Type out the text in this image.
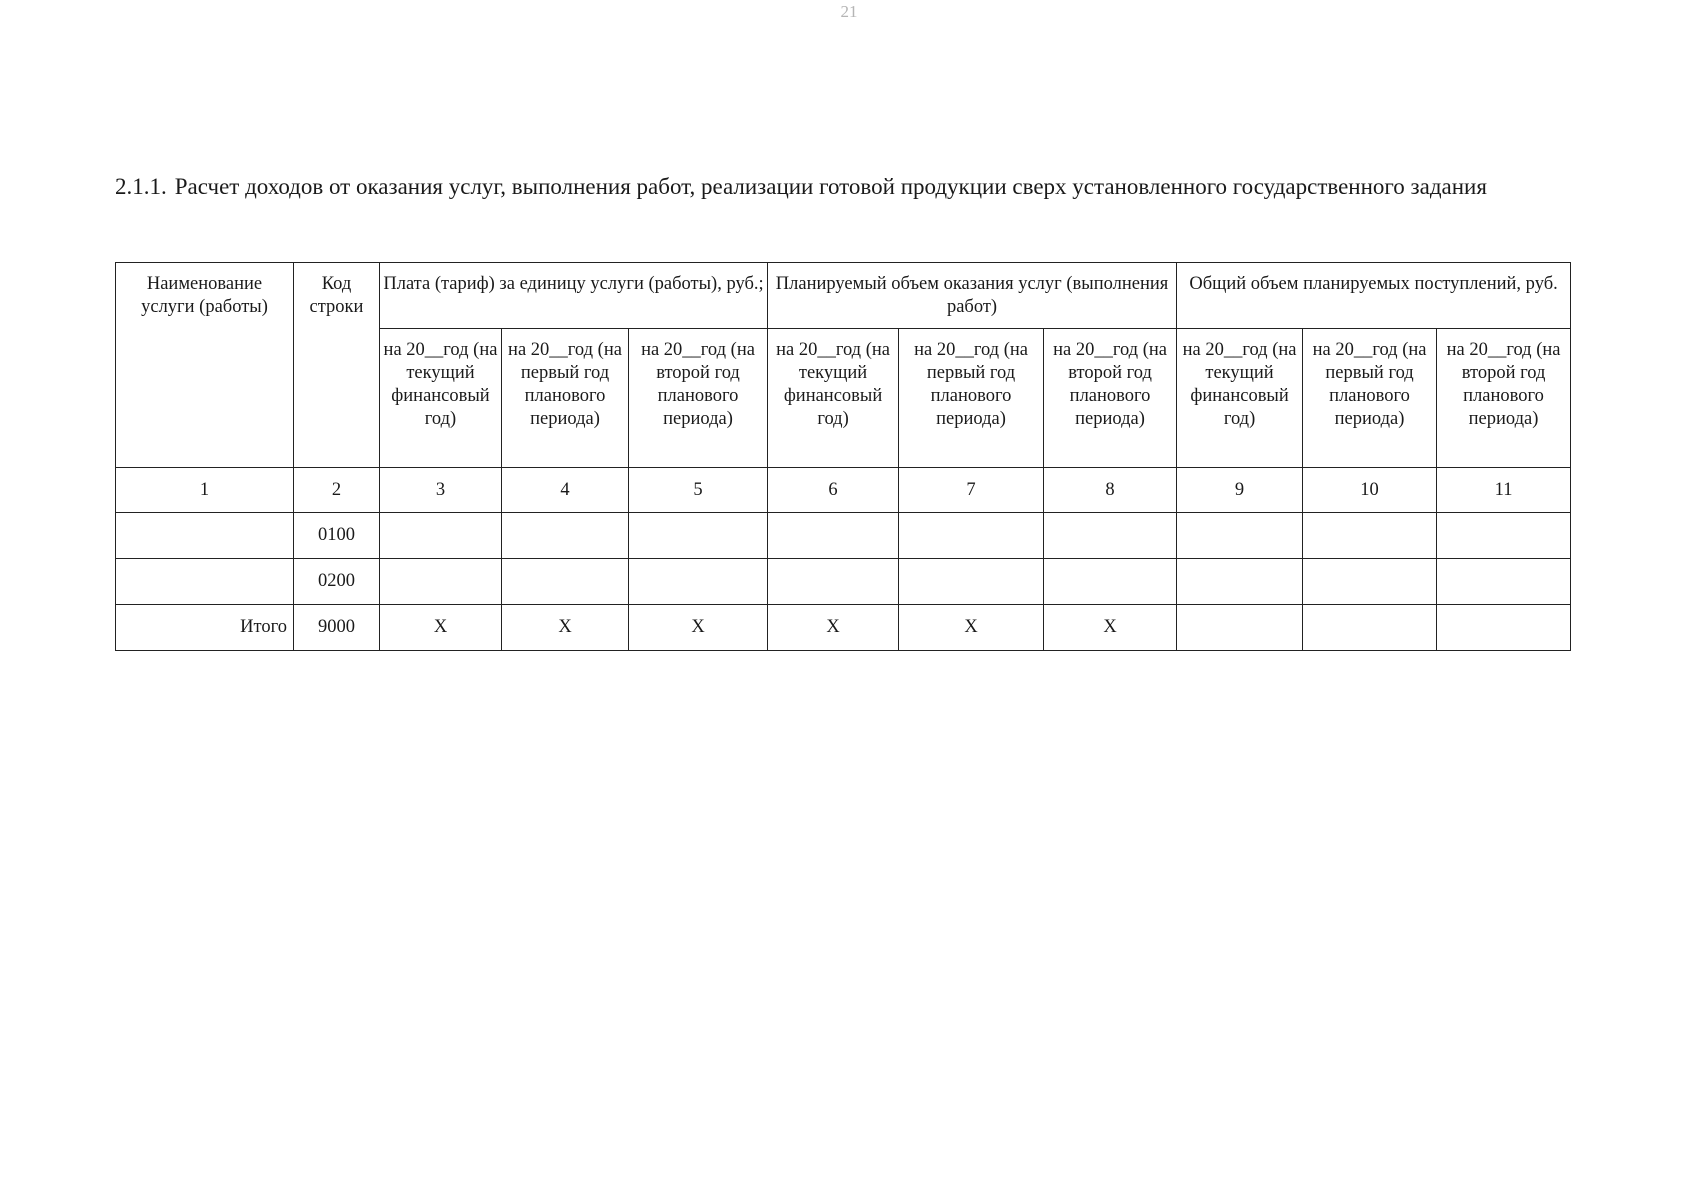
21
2.1.1. Расчет доходов от оказания услуг, выполнения работ, реализации готовой продукции сверх установленного государственного задания
Наименование услуги (работы)	Код строки	Плата (тариф) за единицу услуги (работы), руб.;			Планируемый объем оказания услуг (выполнения работ)			Общий объем планируемых поступлений, руб.		
		на 20__год (на текущий финансовый год)	на 20__год (на первый год планового периода)	на 20__год (на второй год планового периода)	на 20__год (на текущий финансовый год)	на 20__год (на первый год планового периода)	на 20__год (на второй год планового периода)	на 20__год (на текущий финансовый год)	на 20__год (на первый год планового периода)	на 20__год (на второй год планового периода)
1	2	3	4	5	6	7	8	9	10	11
	0100									
	0200									
Итого	9000	X	X	X	X	X	X			
